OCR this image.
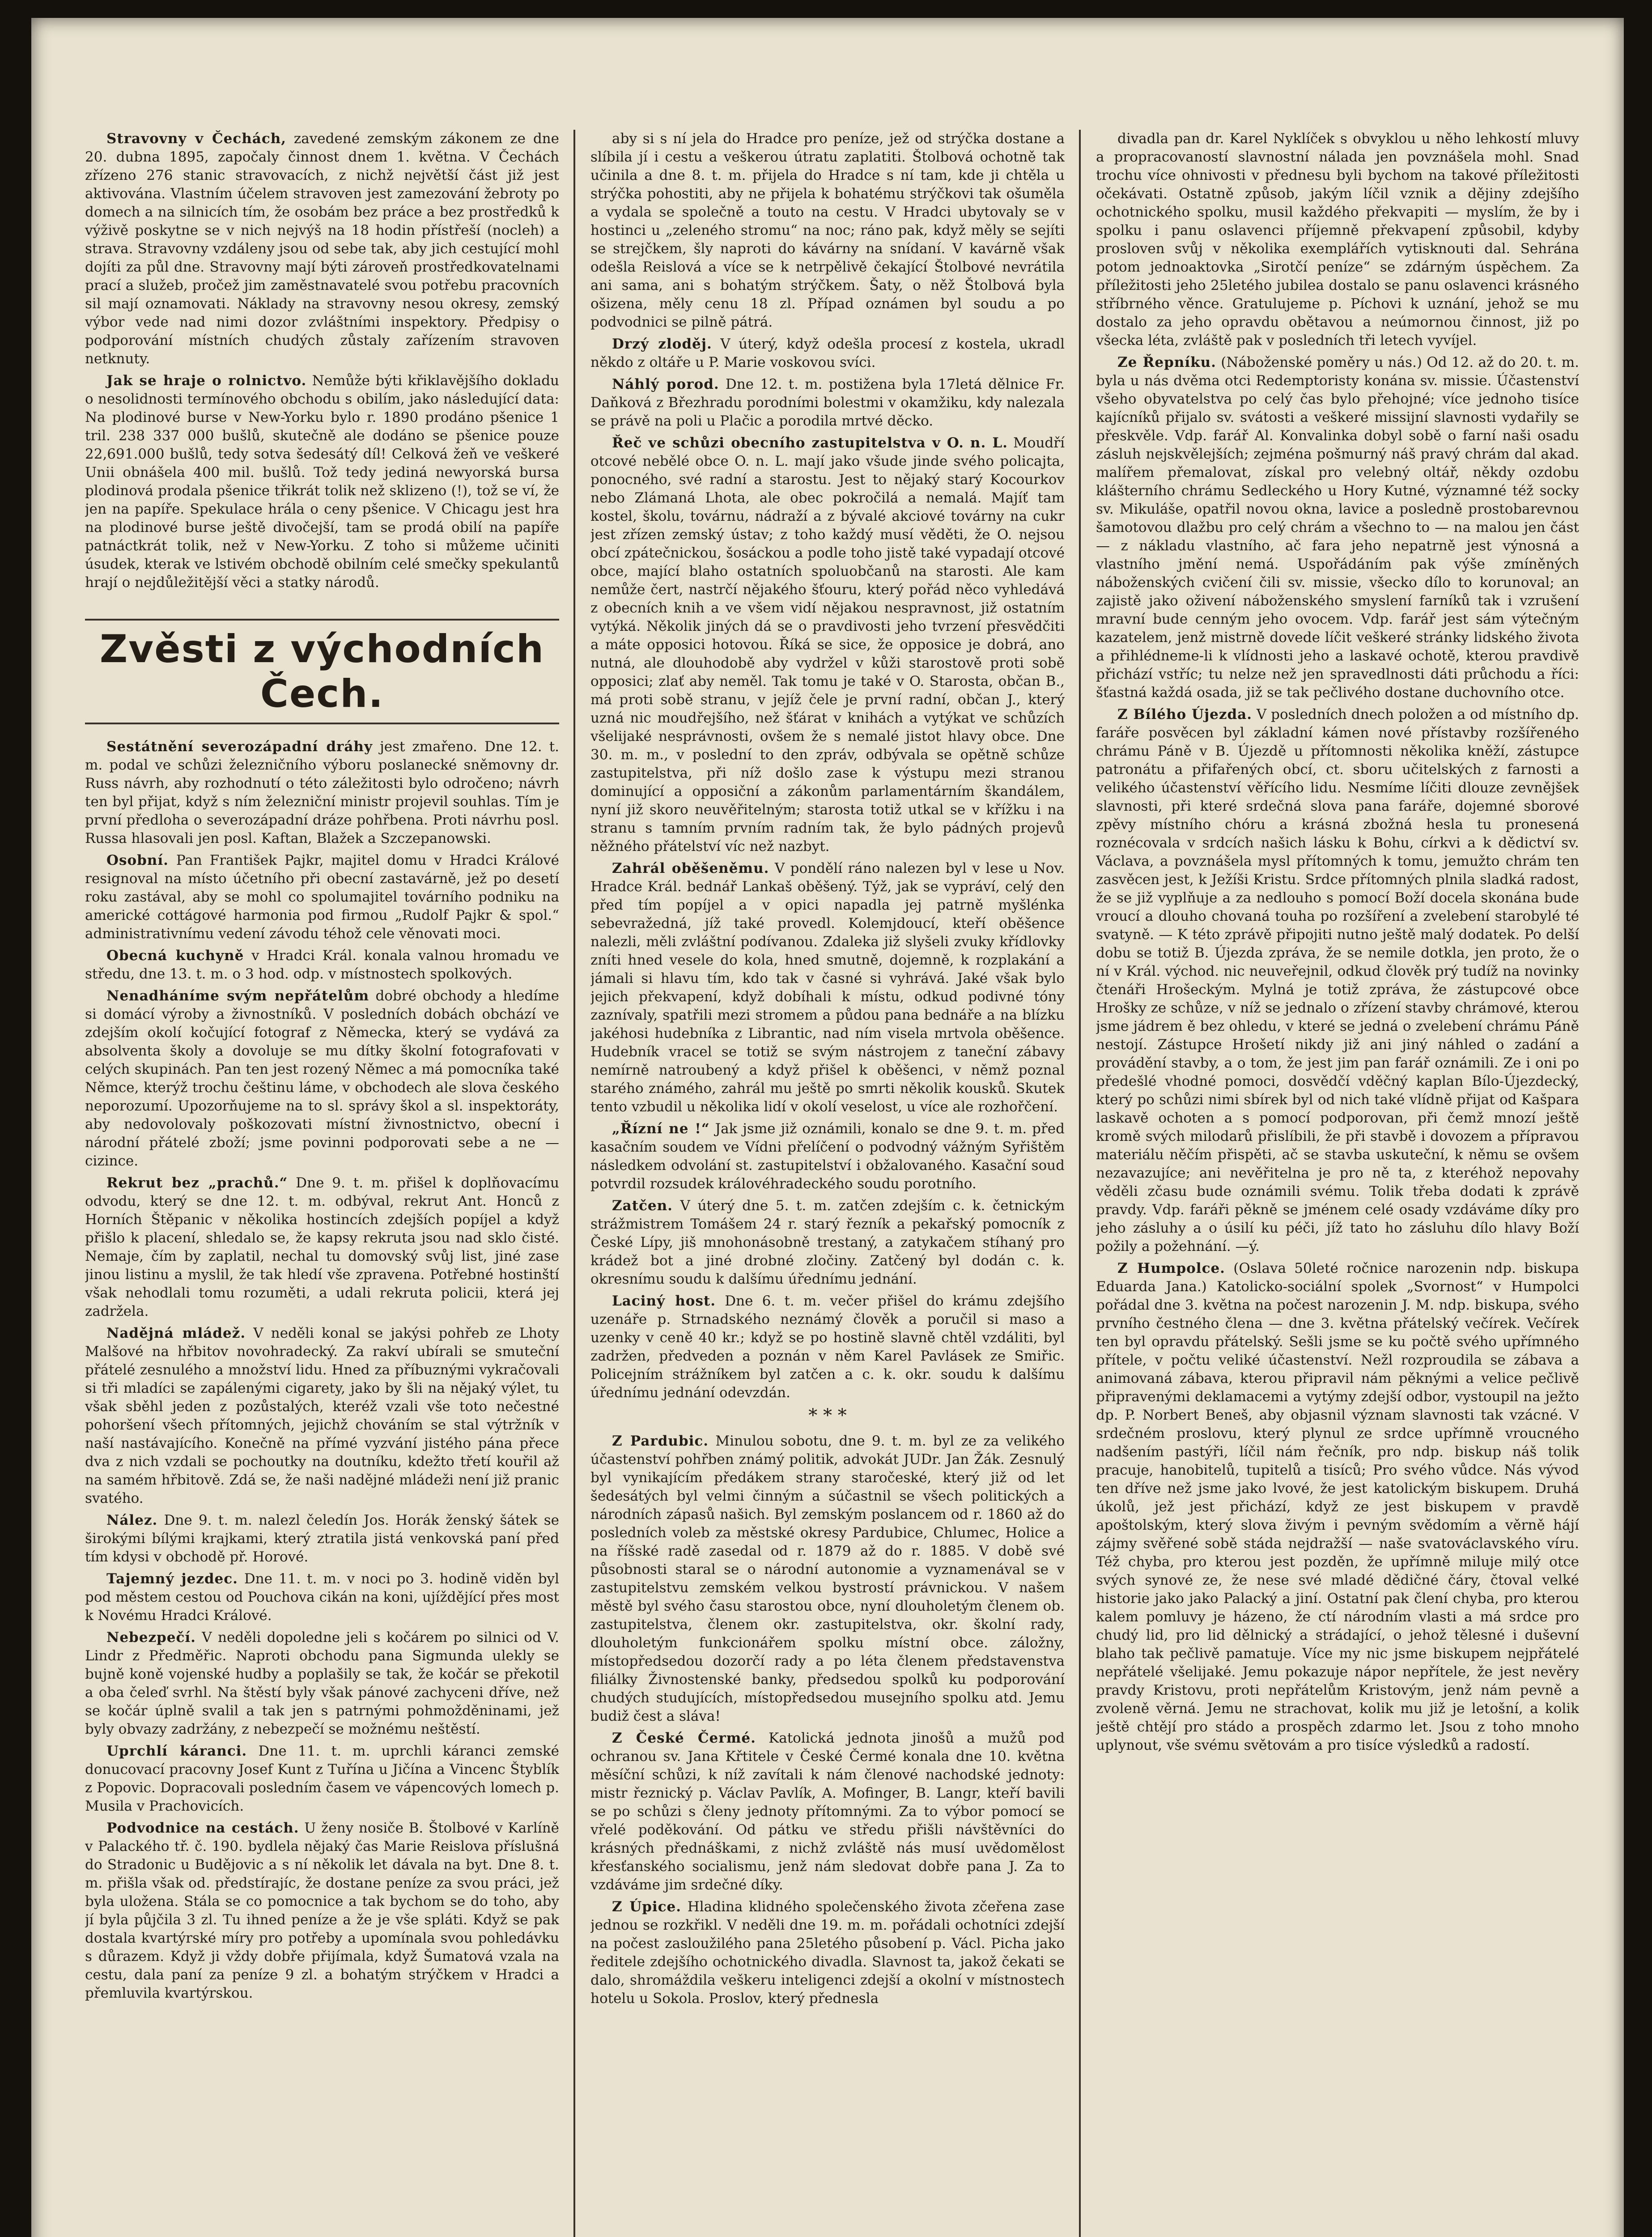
Stravovny v Čechách, zavedené zemským zákonem ze dne 20. dubna 1895, započaly činnost dnem 1. května. V Čechách zřízeno 276 stanic stravovacích, z nichž největší část již jest aktivována. Vlastním účelem stravoven jest zamezování žebroty po domech a na silnicích tím, že osobám bez práce a bez prostředků k výživě poskytne se v nich nejvýš na 18 hodin přístřeší (nocleh) a strava. Stravovny vzdáleny jsou od sebe tak, aby jich cestující mohl dojíti za půl dne. Stravovny mají býti zároveň prostředkovatelnami prací a služeb, pročež jim zaměstnavatelé svou potřebu pracovních sil mají oznamovati. Náklady na stravovny nesou okresy, zemský výbor vede nad nimi dozor zvláštními inspektory. Předpisy o podporování místních chudých zůstaly zařízením stravoven netknuty.

Jak se hraje o rolnictvo. Nemůže býti křiklavějšího dokladu o nesolidnosti termínového obchodu s obilím, jako následující data: Na plodinové burse v New-Yorku bylo r. 1890 prodáno pšenice 1 tril. 238 337 000 bušlů, skutečně ale dodáno se pšenice pouze 22,691.000 bušlů, tedy sotva šedesátý díl! Celková žeň ve veškeré Unii obnášela 400 mil. bušlů. Tož tedy jediná newyorská bursa plodinová prodala pšenice třikrát tolik než sklizeno (!), tož se ví, že jen na papíře. Spekulace hrála o ceny pšenice. V Chicagu jest hra na plodinové burse ještě divočejší, tam se prodá obilí na papíře patnáctkrát tolik, než v New-Yorku. Z toho si můžeme učiniti úsudek, kterak ve lstivém obchodě obilním celé smečky spekulantů hrají o nejdůležitější věci a statky národů.

Zvěsti z východních Čech.

Sestátnění severozápadní dráhy jest zmařeno. Dne 12. t. m. podal ve schůzi železničního výboru poslanecké sněmovny dr. Russ návrh, aby rozhodnutí o této záležitosti bylo odročeno; návrh ten byl přijat, když s ním železniční ministr projevil souhlas. Tím je první předloha o severozápadní dráze pohřbena. Proti návrhu posl. Russa hlasovali jen posl. Kaftan, Blažek a Szczepanowski.

Osobní. Pan František Pajkr, majitel domu v Hradci Králové resignoval na místo účetního při obecní zastavárně, jež po desetí roku zastával, aby se mohl co spolumajitel továrního podniku na americké cottágové harmonia pod firmou „Rudolf Pajkr & spol.“ administrativnímu vedení závodu téhož cele věnovati moci.

Obecná kuchyně v Hradci Král. konala valnou hromadu ve středu, dne 13. t. m. o 3 hod. odp. v místnostech spolkových.

Nenadháníme svým nepřátelům dobré obchody a hledíme si domácí výroby a živnostníků. V posledních dobách obchází ve zdejším okolí kočující fotograf z Německa, který se vydává za absolventa školy a dovoluje se mu dítky školní fotografovati v celých skupinách. Pan ten jest rozený Němec a má pomocníka také Němce, kterýž trochu češtinu láme, v obchodech ale slova českého neporozumí. Upozorňujeme na to sl. správy škol a sl. inspektoráty, aby nedovolovaly poškozovati místní živnostnictvo, obecní i národní přátelé zboží; jsme povinni podporovati sebe a ne — cizince.

Rekrut bez „prachů.“ Dne 9. t. m. přišel k doplňovacímu odvodu, který se dne 12. t. m. odbýval, rekrut Ant. Honců z Horních Štěpanic v několika hostincích zdejších popíjel a když přišlo k placení, shledalo se, že kapsy rekruta jsou nad sklo čisté. Nemaje, čím by zaplatil, nechal tu domovský svůj list, jiné zase jinou listinu a myslil, že tak hledí vše zpravena. Potřebné hostinští však nehodlali tomu rozuměti, a udali rekruta policii, která jej zadržela.

Nadějná mládež. V neděli konal se jakýsi pohřeb ze Lhoty Malšové na hřbitov novohradecký. Za rakví ubírali se smuteční přátelé zesnulého a množství lidu. Hned za příbuznými vykračovali si tři mladíci se zapálenými cigarety, jako by šli na nějaký výlet, tu však sběhl jeden z pozůstalých, kteréž vzali vše toto nečestné pohoršení všech přítomných, jejichž chováním se stal výtržník v naší nastávajícího. Konečně na přímé vyzvání jistého pána přece dva z nich vzdali se pochoutky na doutníku, kdežto třetí kouřil až na samém hřbitově. Zdá se, že naši nadějné mládeži není již pranic svatého.

Nález. Dne 9. t. m. nalezl čeledín Jos. Horák ženský šátek se širokými bílými krajkami, který ztratila jistá venkovská paní před tím kdysi v obchodě př. Horové.

Tajemný jezdec. Dne 11. t. m. v noci po 3. hodině viděn byl pod městem cestou od Pouchova cikán na koni, ujíždějící přes most k Novému Hradci Králové.

Nebezpečí. V neděli dopoledne jeli s kočárem po silnici od V. Lindr z Předměřic. Naproti obchodu pana Sigmunda ulekly se bujně koně vojenské hudby a poplašily se tak, že kočár se překotil a oba čeleď svrhl. Na štěstí byly však pánové zachyceni dříve, než se kočár úplně svalil a tak jen s patrnými pohmožděninami, jež byly obvazy zadržány, z nebezpečí se možnému neštěstí.

Uprchlí káranci. Dne 11. t. m. uprchli káranci zemské donucovací pracovny Josef Kunt z Tuřína u Jičína a Vincenc Štyblík z Popovic. Dopracovali posledním časem ve vápencových lomech p. Musila v Prachovicích.

Podvodnice na cestách. U ženy nosiče B. Štolbové v Karlíně v Palackého tř. č. 190. bydlela nějaký čas Marie Reislova příslušná do Stradonic u Budějovic a s ní několik let dávala na byt. Dne 8. t. m. přišla však od. předstírajíc, že dostane peníze za svou práci, jež byla uložena. Stála se co pomocnice a tak bychom se do toho, aby jí byla půjčila 3 zl. Tu ihned peníze a že je vše spláti. Když se pak dostala kvartýrské míry pro potřeby a upomínala svou pohledávku s důrazem. Když ji vždy dobře přijímala, když Šumatová vzala na cestu, dala paní za peníze 9 zl. a bohatým strýčkem v Hradci a přemluvila kvartýrskou.

aby si s ní jela do Hradce pro peníze, jež od strýčka dostane a slíbila jí i cestu a veškerou útratu zaplatiti. Štolbová ochotně tak učinila a dne 8. t. m. přijela do Hradce s ní tam, kde ji chtěla u strýčka pohostiti, aby ne přijela k bohatému strýčkovi tak ošuměla a vydala se společně a touto na cestu. V Hradci ubytovaly se v hostinci u „zeleného stromu“ na noc; ráno pak, když měly se sejíti se strejčkem, šly naproti do kávárny na snídaní. V kavárně však odešla Reislová a více se k netrpělivě čekající Štolbové nevrátila ani sama, ani s bohatým strýčkem. Šaty, o něž Štolbová byla ošizena, měly cenu 18 zl. Případ oznámen byl soudu a po podvodnici se pilně pátrá.

Drzý zloděj. V úterý, když odešla procesí z kostela, ukradl někdo z oltáře u P. Marie voskovou svíci.

Náhlý porod. Dne 12. t. m. postižena byla 17letá dělnice Fr. Daňková z Březhradu porodními bolestmi v okamžiku, kdy nalezala se právě na poli u Plačic a porodila mrtvé děcko.

Řeč ve schůzi obecního zastupitelstva v O. n. L. Moudří otcové nebělé obce O. n. L. mají jako všude jinde svého policajta, ponocného, své radní a starostu. Jest to nějaký starý Kocourkov nebo Zlámaná Lhota, ale obec pokročilá a nemalá. Majíť tam kostel, školu, továrnu, nádraží a z bývalé akciové továrny na cukr jest zřízen zemský ústav; z toho každý musí věděti, že O. nejsou obcí zpátečnickou, šosáckou a podle toho jistě také vypadají otcové obce, mající blaho ostatních spoluobčanů na starosti. Ale kam nemůže čert, nastrčí nějakého šťouru, který pořád něco vyhledává z obecních knih a ve všem vidí nějakou nespravnost, již ostatním vytýká. Několik jiných dá se o pravdivosti jeho tvrzení přesvědčiti a máte opposici hotovou. Říká se sice, že opposice je dobrá, ano nutná, ale dlouhodobě aby vydržel v kůži starostově proti sobě opposici; zlať aby neměl. Tak tomu je také v O. Starosta, občan B., má proti sobě stranu, v jejíž čele je první radní, občan J., který uzná nic moudřejšího, než šťárat v knihách a vytýkat ve schůzích všelijaké nesprávnosti, ovšem že s nemalé jistot hlavy obce. Dne 30. m. m., v poslední to den zpráv, odbývala se opětně schůze zastupitelstva, při níž došlo zase k výstupu mezi stranou dominující a opposiční a zákonům parlamentárním škandálem, nyní již skoro neuvěřitelným; starosta totiž utkal se v křížku i na stranu s tamním prvním radním tak, že bylo pádných projevů něžného přátelství víc než nazbyt.

Zahrál oběšeněmu. V pondělí ráno nalezen byl v lese u Nov. Hradce Král. bednář Lankaš oběšený. Týž, jak se vypráví, celý den před tím popíjel a v opici napadla jej patrně myšlénka sebevražedná, jíž také provedl. Kolemjdoucí, kteří oběšence nalezli, měli zvláštní podívanou. Zdaleka již slyšeli zvuky křídlovky zníti hned vesele do kola, hned smutně, dojemně, k rozplakání a jámali si hlavu tím, kdo tak v časné si vyhrává. Jaké však bylo jejich překvapení, když dobíhali k místu, odkud podivné tóny zaznívaly, spatřili mezi stromem a půdou pana bednáře a na blízku jakéhosi hudebníka z Librantic, nad ním visela mrtvola oběšence. Hudebník vracel se totiž se svým nástrojem z taneční zábavy nemírně natroubený a když přišel k oběšenci, v němž poznal starého známého, zahrál mu ještě po smrti několik kousků. Skutek tento vzbudil u několika lidí v okolí veselost, u více ale rozhořčení.

„Řízní ne !“ Jak jsme již oznámili, konalo se dne 9. t. m. před kasačním soudem ve Vídni přelíčení o podvodný vážným Syřištěm následkem odvolání st. zastupitelství i obžalovaného. Kasační soud potvrdil rozsudek královéhradeckého soudu porotního.

Zatčen. V úterý dne 5. t. m. zatčen zdejším c. k. četnickým strážmistrem Tomášem 24 r. starý řezník a pekařský pomocník z České Lípy, jiš mnohonásobně trestaný, a zatykačem stíhaný pro krádež bot a jiné drobné zločiny. Zatčený byl dodán c. k. okresnímu soudu k dalšímu úřednímu jednání.

Laciný host. Dne 6. t. m. večer přišel do krámu zdejšího uzenáře p. Strnadského neznámý člověk a poručil si maso a uzenky v ceně 40 kr.; když se po hostině slavně chtěl vzdáliti, byl zadržen, předveden a poznán v něm Karel Pavlásek ze Smiřic. Policejním strážníkem byl zatčen a c. k. okr. soudu k dalšímu úřednímu jednání odevzdán.

* * *

Z Pardubic. Minulou sobotu, dne 9. t. m. byl ze za velikého účastenství pohřben známý politik, advokát JUDr. Jan Žák. Zesnulý byl vynikajícím předákem strany staročeské, který již od let šedesátých byl velmi činným a súčastnil se všech politických a národních zápasů našich. Byl zemským poslancem od r. 1860 až do posledních voleb za městské okresy Pardubice, Chlumec, Holice a na říšské radě zasedal od r. 1879 až do r. 1885. V době své působnosti staral se o národní autonomie a vyznamenával se v zastupitelstvu zemském velkou bystrostí právnickou. V našem městě byl svého času starostou obce, nyní dlouholetým členem ob. zastupitelstva, členem okr. zastupitelstva, okr. školní rady, dlouholetým funkcionářem spolku místní obce. záložny, místopředsedou dozorčí rady a po léta členem představenstva filiálky Živnostenské banky, předsedou spolků ku podporování chudých studujících, místopředsedou musejního spolku atd. Jemu budiž čest a sláva!

Z České Čermé. Katolická jednota jinošů a mužů pod ochranou sv. Jana Křtitele v České Čermé konala dne 10. května měsíční schůzi, k níž zavítali k nám členové nachodské jednoty: mistr řeznický p. Václav Pavlík, A. Mofinger, B. Langr, kteří bavili se po schůzi s členy jednoty přítomnými. Za to výbor pomocí se vřelé poděkování. Od pátku ve středu přišli návštěvníci do krásných přednáškami, z nichž zvláště nás musí uvědomělost křesťanského socialismu, jenž nám sledovat dobře pana J. Za to vzdáváme jim srdečné díky.

Z Úpice. Hladina klidného společenského života zčeřena zase jednou se rozkřikl. V neděli dne 19. m. m. pořádali ochotníci zdejší na počest zasloužilého pana 25letého působení p. Václ. Picha jako ředitele zdejšího ochotnického divadla. Slavnost ta, jakož čekati se dalo, shromáždila veškeru inteligenci zdejší a okolní v místnostech hotelu u Sokola. Proslov, který přednesla

divadla pan dr. Karel Nyklíček s obvyklou u něho lehkostí mluvy a propracovaností slavnostní nálada jen povznášela mohl. Snad trochu více ohnivosti v přednesu byli bychom na takové příležitosti očekávati. Ostatně způsob, jakým líčil vznik a dějiny zdejšího ochotnického spolku, musil každého překvapiti — myslím, že by i spolku i panu oslavenci příjemně překvapení způsobil, kdyby prosloven svůj v několika exemplářích vytisknouti dal. Sehrána potom jednoaktovka „Sirotčí peníze“ se zdárným úspěchem. Za příležitosti jeho 25letého jubilea dostalo se panu oslavenci krásného stříbrného věnce. Gratulujeme p. Píchovi k uznání, jehož se mu dostalo za jeho opravdu obětavou a neúmornou činnost, již po všecka léta, zvláště pak v posledních tři letech vyvíjel.

Ze Řepníku. (Náboženské poměry u nás.) Od 12. až do 20. t. m. byla u nás dvěma otci Redemptoristy konána sv. missie. Účastenství všeho obyvatelstva po celý čas bylo přehojné; více jednoho tisíce kajícníků přijalo sv. svátosti a veškeré missijní slavnosti vydařily se přeskvěle. Vdp. farář Al. Konvalinka dobyl sobě o farní naši osadu zásluh nejskvělejších; zejména pošmurný náš pravý chrám dal akad. malířem přemalovat, získal pro velebný oltář, někdy ozdobu klášterního chrámu Sedleckého u Hory Kutné, významné též socky sv. Mikuláše, opatřil novou okna, lavice a posledně prostobarevnou šamotovou dlažbu pro celý chrám a všechno to — na malou jen část — z nákladu vlastního, ač fara jeho nepatrně jest výnosná a vlastního jmění nemá. Uspořádáním pak výše zmíněných náboženských cvičení čili sv. missie, všecko dílo to korunoval; an zajistě jako oživení náboženského smyslení farníků tak i vzrušení mravní bude cenným jeho ovocem. Vdp. farář jest sám výtečným kazatelem, jenž mistrně dovede líčit veškeré stránky lidského života a přihlédneme-li k vlídnosti jeho a laskavé ochotě, kterou pravdivě přichází vstříc; tu nelze než jen spravedlnosti dáti průchodu a říci: šťastná každá osada, již se tak pečlivého dostane duchovního otce.

Z Bílého Újezda. V posledních dnech položen a od místního dp. faráře posvěcen byl základní kámen nové přístavby rozšířeného chrámu Páně v B. Újezdě u přítomnosti několika kněží, zástupce patronátu a přifařených obcí, ct. sboru učitelských z farnosti a velikého účastenství věřícího lidu. Nesmíme líčiti dlouze zevnějšek slavnosti, při které srdečná slova pana faráře, dojemné sborové zpěvy místního chóru a krásná zbožná hesla tu pronesená roznécovala v srdcích našich lásku k Bohu, církvi a k dědictví sv. Václava, a povznášela mysl přítomných k tomu, jemužto chrám ten zasvěcen jest, k Ježíši Kristu. Srdce přítomných plnila sladká radost, že se již vyplňuje a za nedlouho s pomocí Boží docela skonána bude vroucí a dlouho chovaná touha po rozšíření a zvelebení starobylé té svatyně. — K této zprávě připojiti nutno ještě malý dodatek. Po delší dobu se totiž B. Újezda zpráva, že se nemile dotkla, jen proto, že o ní v Král. východ. nic neuveřejnil, odkud člověk prý tudíž na novinky čtenáři Hrošeckým. Mylná je totiž zpráva, že zástupcové obce Hrošky ze schůze, v níž se jednalo o zřízení stavby chrámové, kterou jsme jádrem ě bez ohledu, v které se jedná o zvelebení chrámu Páně nestojí. Zástupce Hrošetí nikdy již ani jiný náhled o zadání a provádění stavby, a o tom, že jest jim pan farář oznámili. Ze i oni po předešlé vhodné pomoci, dosvědčí vděčný kaplan Bílo-Újezdecký, který po schůzi nimi sbírek byl od nich také vlídně přijat od Kašpara laskavě ochoten a s pomocí podporovan, při čemž mnozí ještě kromě svých milodarů přislíbili, že při stavbě i dovozem a přípravou materiálu něčím přispěti, ač se stavba uskuteční, k němu se ovšem nezavazujíce; ani nevěřitelna je pro ně ta, z kteréhož nepovahy věděli zčasu bude oznámili svému. Tolik třeba dodati k zprávě pravdy. Vdp. faráři pěkně se jménem celé osady vzdáváme díky pro jeho zásluhy a o úsilí ku péči, jíž tato ho zásluhu dílo hlavy Boží požily a požehnání. —ý.

Z Humpolce. (Oslava 50leté ročnice narozenin ndp. biskupa Eduarda Jana.) Katolicko-sociální spolek „Svornost“ v Humpolci pořádal dne 3. května na počest narozenin J. M. ndp. biskupa, svého prvního čestného člena — dne 3. května přátelský večírek. Večírek ten byl opravdu přátelský. Sešli jsme se ku počtě svého upřímného přítele, v počtu veliké účastenství. Nežl rozproudila se zábava a animovaná zábava, kterou připravil nám pěknými a velice pečlivě připravenými deklamacemi a vytýmy zdejší odbor, vystoupil na ježto dp. P. Norbert Beneš, aby objasnil význam slavnosti tak vzácné. V srdečném proslovu, který plynul ze srdce upřímně vroucného nadšením pastýři, líčil nám řečník, pro ndp. biskup náš tolik pracuje, hanobitelů, tupitelů a tisíců; Pro svého vůdce. Nás vývod ten dříve než jsme jako lvové, že jest katolickým biskupem. Druhá úkolů, jež jest přichází, když ze jest biskupem v pravdě apoštolským, který slova živým i pevným svědomím a věrně hájí zájmy svěřené sobě stáda nejdražší — naše svatováclavského víru. Též chyba, pro kterou jest pozděn, že upřímně miluje milý otce svých synové ze, že nese své mladé dědičné čáry, čtoval velké historie jako jako Palacký a jiní. Ostatní pak člení chyba, pro kterou kalem pomluvy je házeno, že ctí národním vlasti a má srdce pro chudý lid, pro lid dělnický a strádající, o jehož tělesné i duševní blaho tak pečlivě pamatuje. Více my nic jsme biskupem nejpřátelé nepřátelé všelijaké. Jemu pokazuje nápor nepřítele, že jest nevěry pravdy Kristovu, proti nepřátelům Kristovým, jenž nám pevně a zvoleně věrná. Jemu ne strachovat, kolik mu již je letošní, a kolik ještě chtějí pro stádo a prospěch zdarmo let. Jsou z toho mnoho uplynout, vše svému světovám a pro tisíce výsledků a radostí.
